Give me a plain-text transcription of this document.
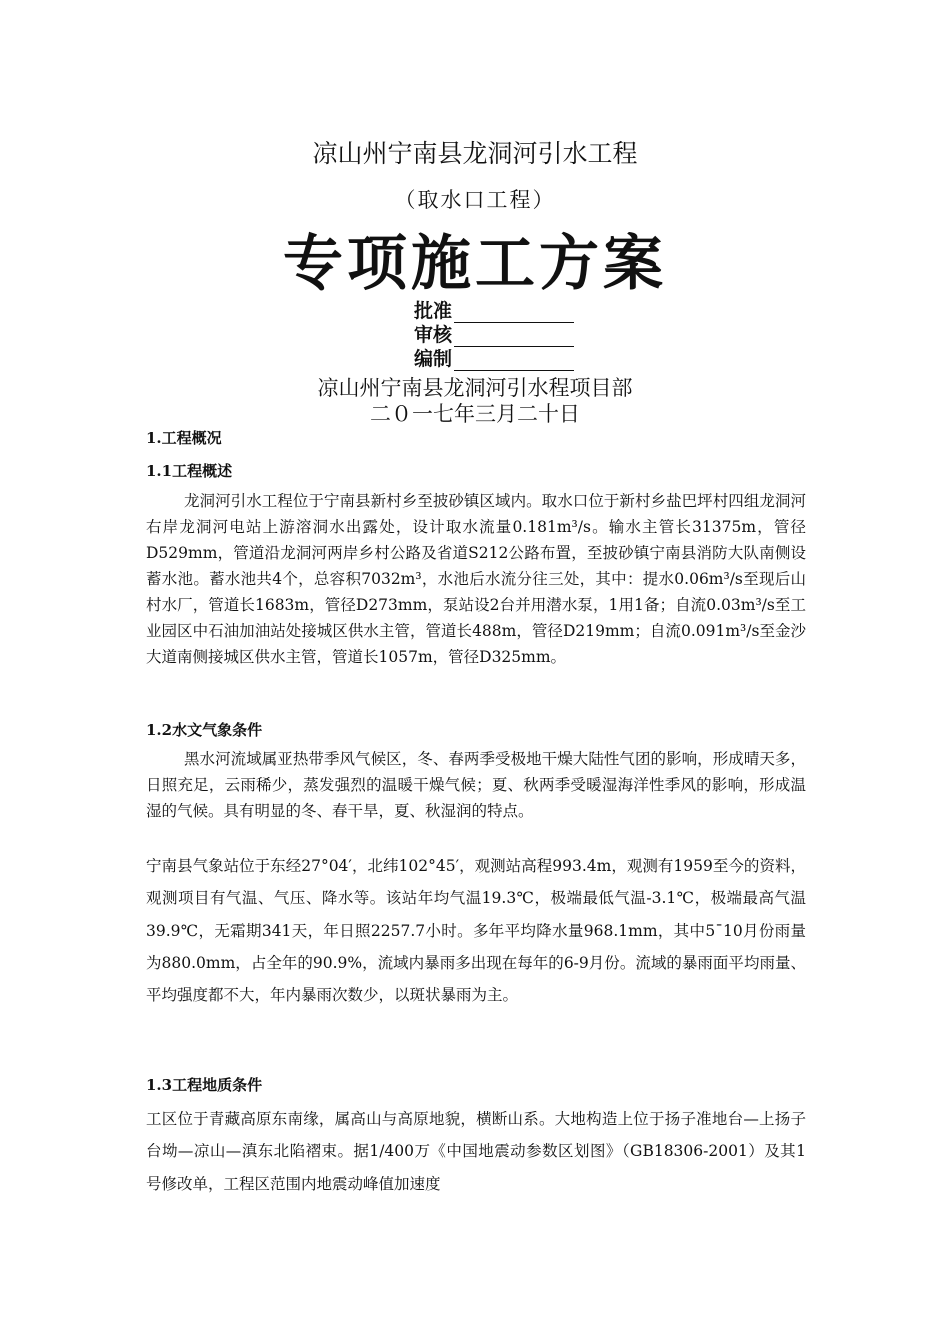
凉山州宁南县龙洞河引水工程
（取水口工程）
专项施工方案
批准
审核
编制
凉山州宁南县龙洞河引水程项目部
二０一七年三月二十日
1.工程概况
1.1工程概述
龙洞河引水工程位于宁南县新村乡至披砂镇区域内。取水口位于新村乡盐巴坪村四组龙洞河右岸龙洞河电站上游溶洞水出露处，设计取水流量0.181m³/s。输水主管长31375m，管径D529mm，管道沿龙洞河两岸乡村公路及省道S212公路布置，至披砂镇宁南县消防大队南侧设蓄水池。蓄水池共4个，总容积7032m³，水池后水流分往三处，其中：提水0.06m³/s至现后山村水厂，管道长1683m，管径D273mm，泵站设2台并用潜水泵，1用1备；自流0.03m³/s至工业园区中石油加油站处接城区供水主管，管道长488m，管径D219mm；自流0.091m³/s至金沙大道南侧接城区供水主管，管道长1057m，管径D325mm。
1.2水文气象条件
黑水河流域属亚热带季风气候区，冬、春两季受极地干燥大陆性气团的影响，形成晴天多，日照充足，云雨稀少，蒸发强烈的温暖干燥气候；夏、秋两季受暖湿海洋性季风的影响，形成温湿的气候。具有明显的冬、春干旱，夏、秋湿润的特点。
宁南县气象站位于东经27°04′，北纬102°45′，观测站高程993.4m，观测有1959至今的资料，观测项目有气温、气压、降水等。该站年均气温19.3℃，极端最低气温-3.1℃，极端最高气温39.9℃，无霜期341天，年日照2257.7小时。多年平均降水量968.1mm，其中5¯10月份雨量为880.0mm，占全年的90.9%，流域内暴雨多出现在每年的6-9月份。流域的暴雨面平均雨量、平均强度都不大，年内暴雨次数少，以斑状暴雨为主。
1.3工程地质条件
工区位于青藏高原东南缘，属高山与高原地貌，横断山系。大地构造上位于扬子准地台—上扬子台坳—凉山—滇东北陷褶束。据1/400万《中国地震动参数区划图》（GB18306-2001）及其1号修改单，工程区范围内地震动峰值加速度
